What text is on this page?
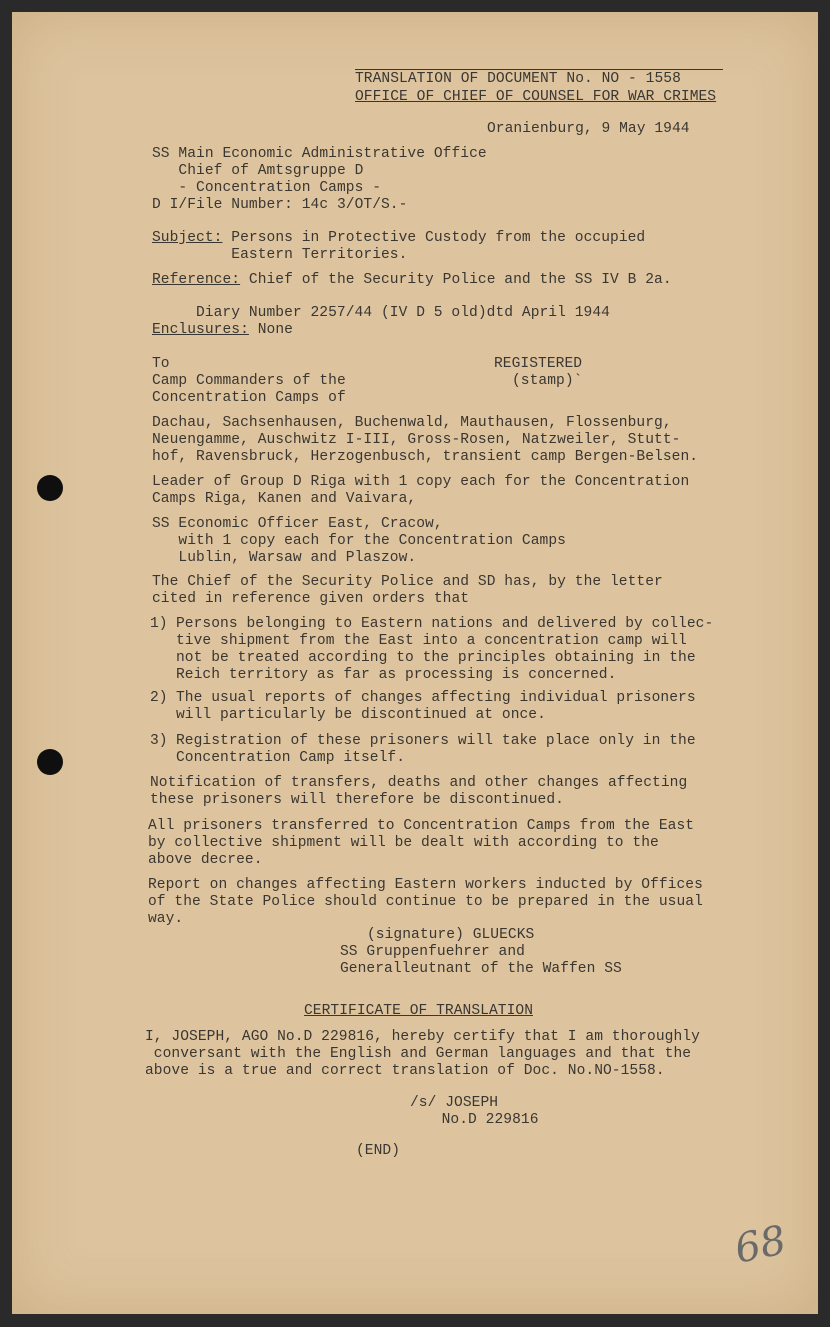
TRANSLATION OF DOCUMENT No. NO - 1558
OFFICE OF CHIEF OF COUNSEL FOR WAR CRIMES
Oranienburg, 9 May 1944
SS Main Economic Administrative Office
Chief of Amtsgruppe D
- Concentration Camps -
D I/File Number: 14c 3/OT/S.-
Subject: Persons in Protective Custody from the occupied
Eastern Territories.
Reference: Chief of the Security Police and the SS IV B 2a.
Diary Number 2257/44 (IV D 5 old)dtd April 1944
Enclusures: None
To
Camp Commanders of the
Concentration Camps of
REGISTERED
(stamp)`
Dachau, Sachsenhausen, Buchenwald, Mauthausen, Flossenburg,
Neuengamme, Auschwitz I-III, Gross-Rosen, Natzweiler, Stutt-
hof, Ravensbruck, Herzogenbusch, transient camp Bergen-Belsen.
Leader of Group D Riga with 1 copy each for the Concentration
Camps Riga, Kanen and Vaivara,
SS Economic Officer East, Cracow,
with 1 copy each for the Concentration Camps
Lublin, Warsaw and Plaszow.
The Chief of the Security Police and SD has, by the letter
cited in reference given orders that
1) Persons belonging to Eastern nations and delivered by collec-
tive shipment from the East into a concentration camp will
not be treated according to the principles obtaining in the
Reich territory as far as processing is concerned.
2) The usual reports of changes affecting individual prisoners
will particularly be discontinued at once.
3) Registration of these prisoners will take place only in the
Concentration Camp itself.
Notification of transfers, deaths and other changes affecting
these prisoners will therefore be discontinued.
All prisoners transferred to Concentration Camps from the East
by collective shipment will be dealt with according to the
above decree.
Report on changes affecting Eastern workers inducted by Offices
of the State Police should continue to be prepared in the usual
way.
(signature) GLUECKS
SS Gruppenfuehrer and
Generalleutnant of the Waffen SS
CERTIFICATE OF TRANSLATION
I, JOSEPH, AGO No.D 229816, hereby certify that I am thoroughly
conversant with the English and German languages and that the
above is a true and correct translation of Doc. No.NO-1558.
/s/ JOSEPH
No.D 229816
(END)
68
